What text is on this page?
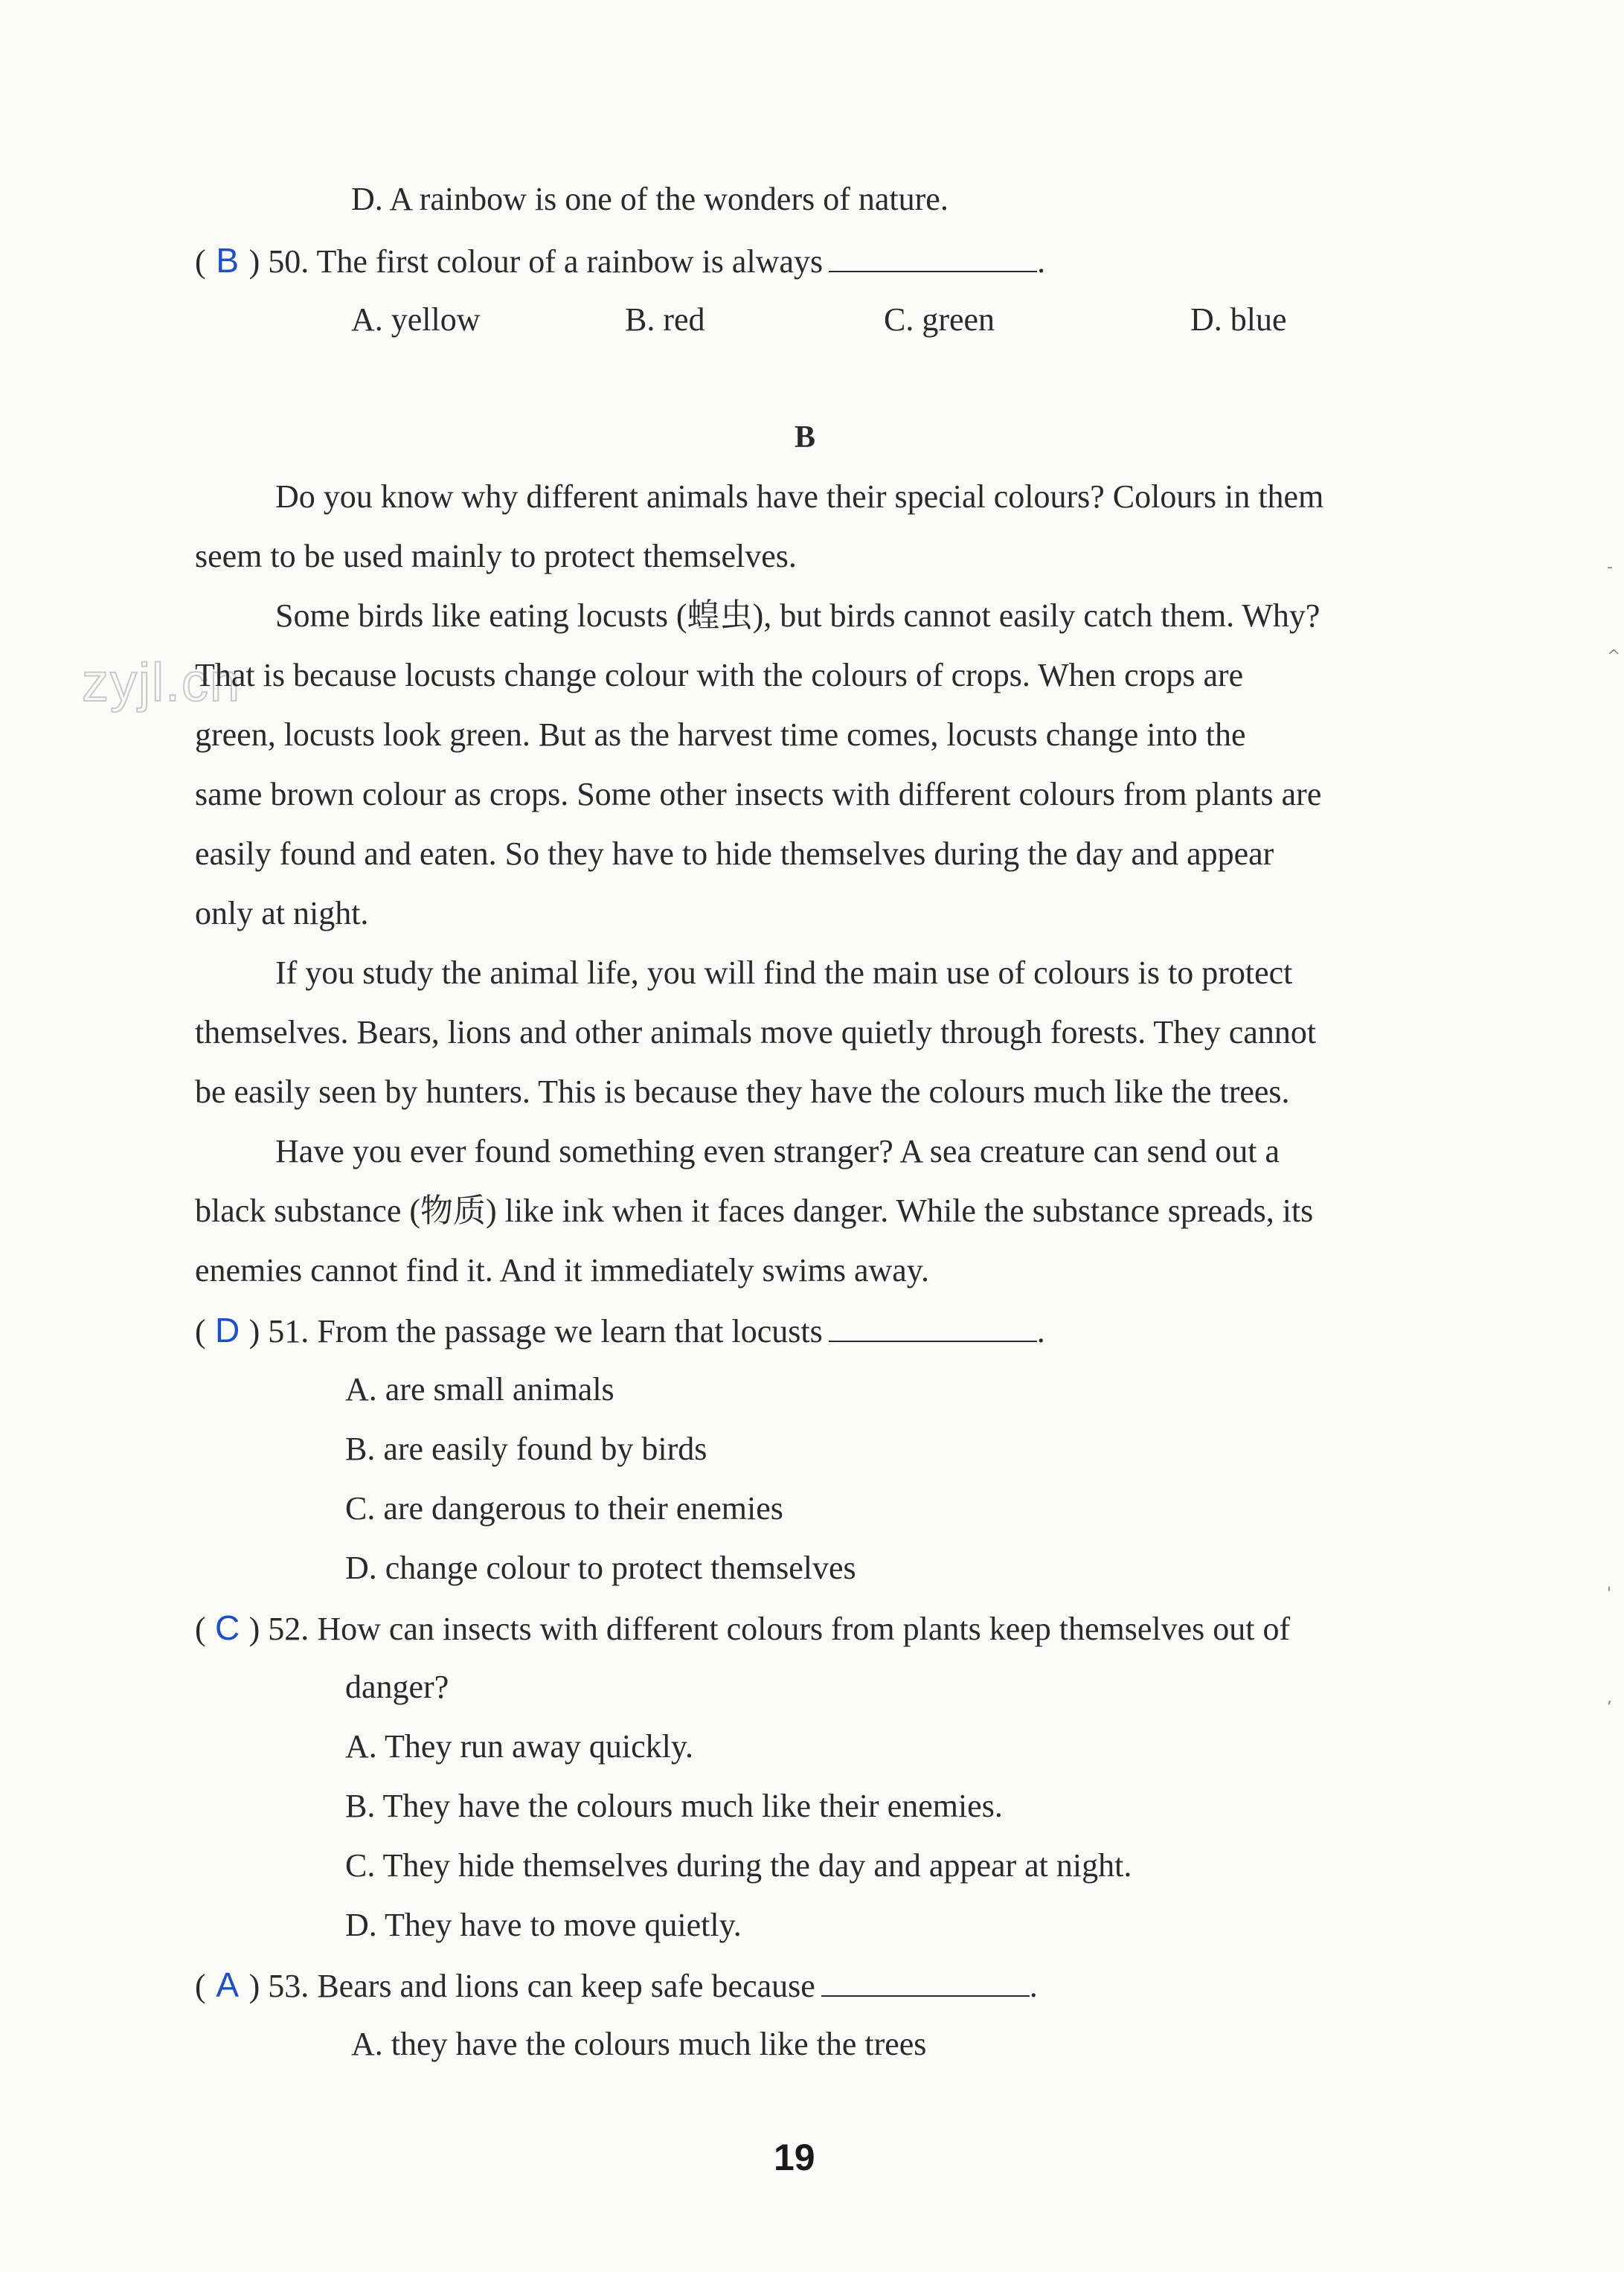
zyjl.cn
D. A rainbow is one of the wonders of nature.
( B ) 50. The first colour of a rainbow is always	.
A. yellow	B. red	C. green	D. blue
B
Do you know why different animals have their special colours? Colours in them
seem to be used mainly to protect themselves.
Some birds like eating locusts (蝗虫), but birds cannot easily catch them. Why?
That is because locusts change colour with the colours of crops. When crops are
green, locusts look green. But as the harvest time comes, locusts change into the
same brown colour as crops. Some other insects with different colours from plants are
easily found and eaten. So they have to hide themselves during the day and appear
only at night.
If you study the animal life, you will find the main use of colours is to protect
themselves. Bears, lions and other animals move quietly through forests. They cannot
be easily seen by hunters. This is because they have the colours much like the trees.
Have you ever found something even stranger? A sea creature can send out a
black substance (物质) like ink when it faces danger. While the substance spreads, its
enemies cannot find it. And it immediately swims away.
( D ) 51. From the passage we learn that locusts	.
A. are small animals
B. are easily found by birds
C. are dangerous to their enemies
D. change colour to protect themselves
( C ) 52. How can insects with different colours from plants keep themselves out of
danger?
A. They run away quickly.
B. They have the colours much like their enemies.
C. They hide themselves during the day and appear at night.
D. They have to move quietly.
( A ) 53. Bears and lions can keep safe because	.
A. they have the colours much like the trees
19
-
^
'
,
